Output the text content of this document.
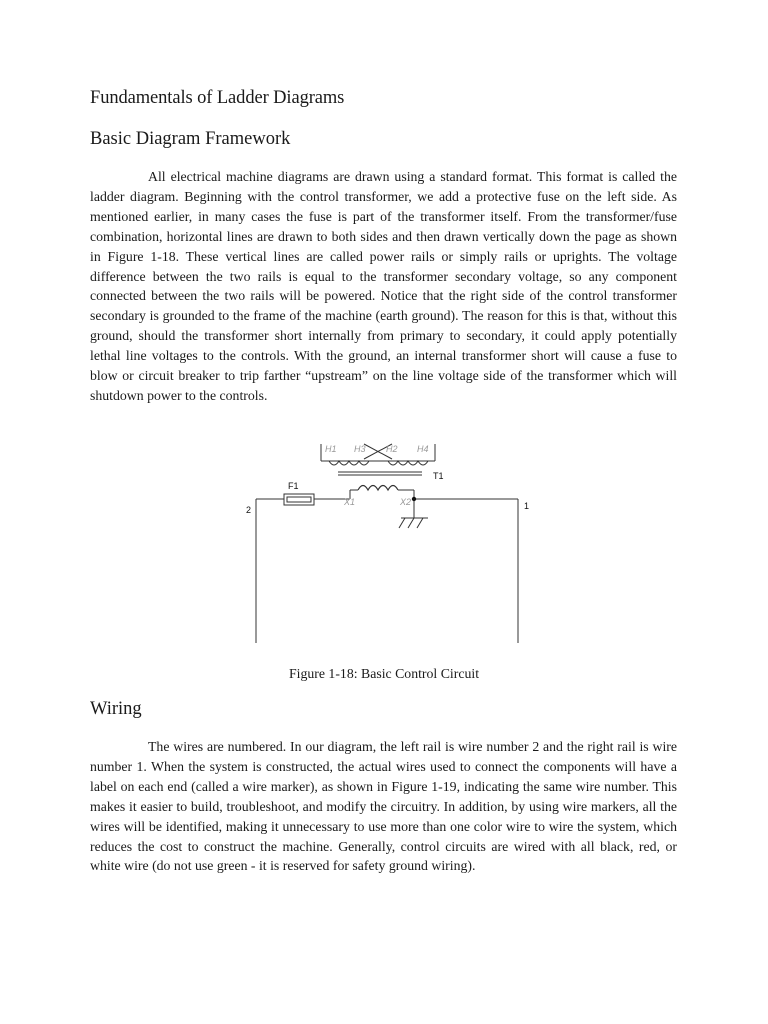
Fundamentals of Ladder Diagrams
Basic Diagram Framework

All electrical machine diagrams are drawn using a standard format. This format is called the ladder diagram. Beginning with the control transformer, we add a protective fuse on the left side. As mentioned earlier, in many cases the fuse is part of the transformer itself. From the transformer/fuse combination, horizontal lines are drawn to both sides and then drawn vertically down the page as shown in Figure 1-18. These vertical lines are called power rails or simply rails or uprights. The voltage difference between the two rails is equal to the transformer secondary voltage, so any component connected between the two rails will be powered. Notice that the right side of the control transformer secondary is grounded to the frame of the machine (earth ground). The reason for this is that, without this ground, should the transformer short internally from primary to secondary, it could apply potentially lethal line voltages to the controls. With the ground, an internal transformer short will cause a fuse to blow or circuit breaker to trip farther “upstream” on the line voltage side of the transformer which will shutdown power to the controls.

H1 H3 H2 H4
T1
F1
X1	X2
2	1

Figure 1-18: Basic Control Circuit

Wiring

The wires are numbered. In our diagram, the left rail is wire number 2 and the right rail is wire number 1. When the system is constructed, the actual wires used to connect the components will have a label on each end (called a wire marker), as shown in Figure 1-19, indicating the same wire number. This makes it easier to build, troubleshoot, and modify the circuitry. In addition, by using wire markers, all the wires will be identified, making it unnecessary to use more than one color wire to wire the system, which reduces the cost to construct the machine. Generally, control circuits are wired with all black, red, or white wire (do not use green - it is reserved for safety ground wiring).
